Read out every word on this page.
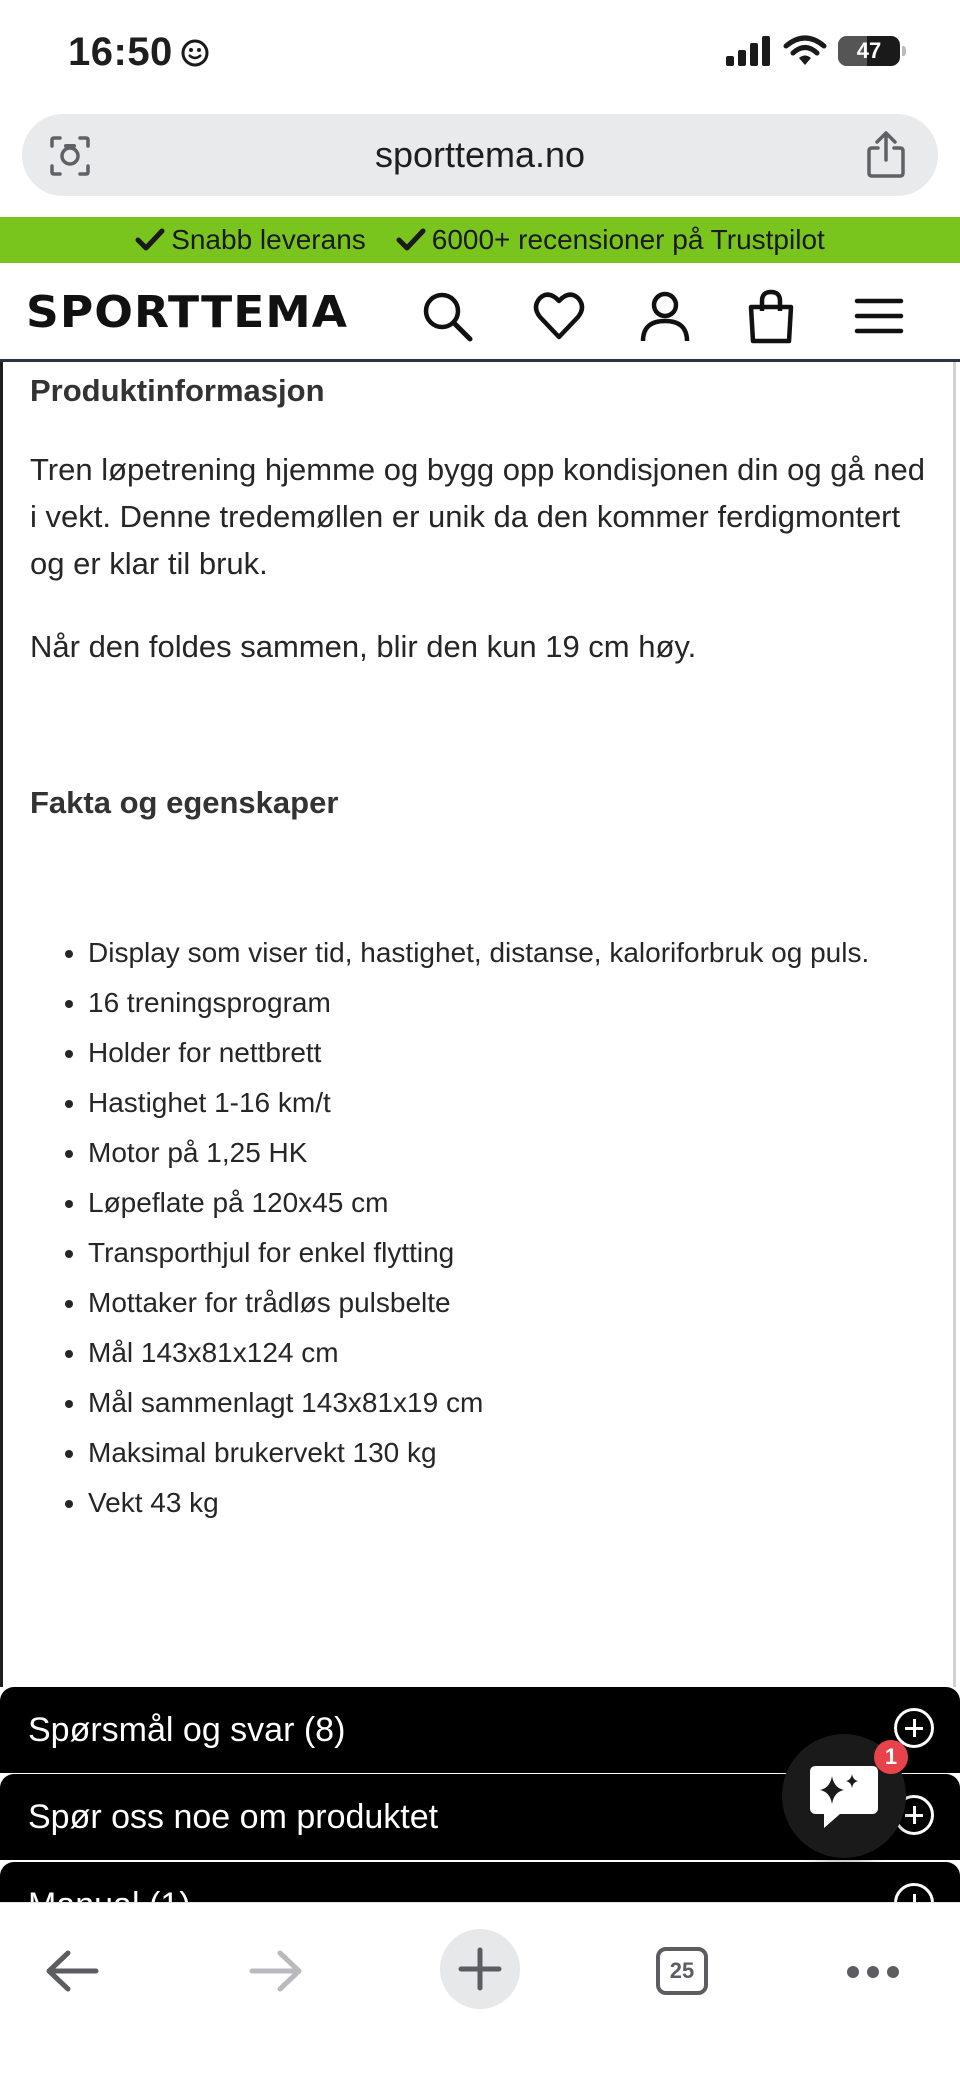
16:50	47
sporttema.no
Snabb leverans 6000+ recensioner på Trustpilot
SPORTTEMA
Produktinformasjon
Tren løpetrening hjemme og bygg opp kondisjonen din og gå ned i vekt. Denne tredemøllen er unik da den kommer ferdigmontert og er klar til bruk.
Når den foldes sammen, blir den kun 19 cm høy.
Fakta og egenskaper
• Display som viser tid, hastighet, distanse, kaloriforbruk og puls.
• 16 treningsprogram
• Holder for nettbrett
• Hastighet 1-16 km/t
• Motor på 1,25 HK
• Løpeflate på 120x45 cm
• Transporthjul for enkel flytting
• Mottaker for trådløs pulsbelte
• Mål 143x81x124 cm
• Mål sammenlagt 143x81x19 cm
• Maksimal brukervekt 130 kg
• Vekt 43 kg
Spørsmål og svar (8)
Spør oss noe om produktet
1
25
